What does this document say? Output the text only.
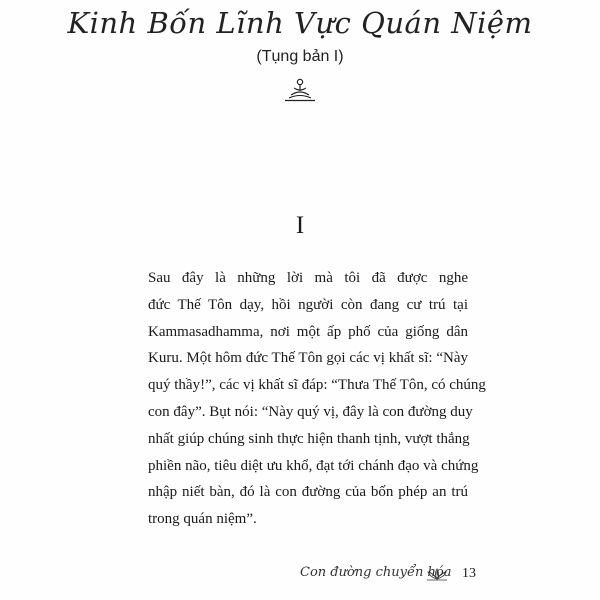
Kinh Bốn Lĩnh Vực Quán Niệm
(Tụng bản I)
I
Sau đây là những lời mà tôi đã được nghe
đức Thế Tôn dạy, hồi người còn đang cư trú tại
Kammasadhamma, nơi một ấp phố của giống dân
Kuru. Một hôm đức Thế Tôn gọi các vị khất sĩ: “Này
quý thầy!”, các vị khất sĩ đáp: “Thưa Thế Tôn, có chúng
con đây”. Bụt nói: “Này quý vị, đây là con đường duy
nhất giúp chúng sinh thực hiện thanh tịnh, vượt thắng
phiền não, tiêu diệt ưu khổ, đạt tới chánh đạo và chứng
nhập niết bàn, đó là con đường của bốn phép an trú
trong quán niệm”.
Con đường chuyển hóa 13
